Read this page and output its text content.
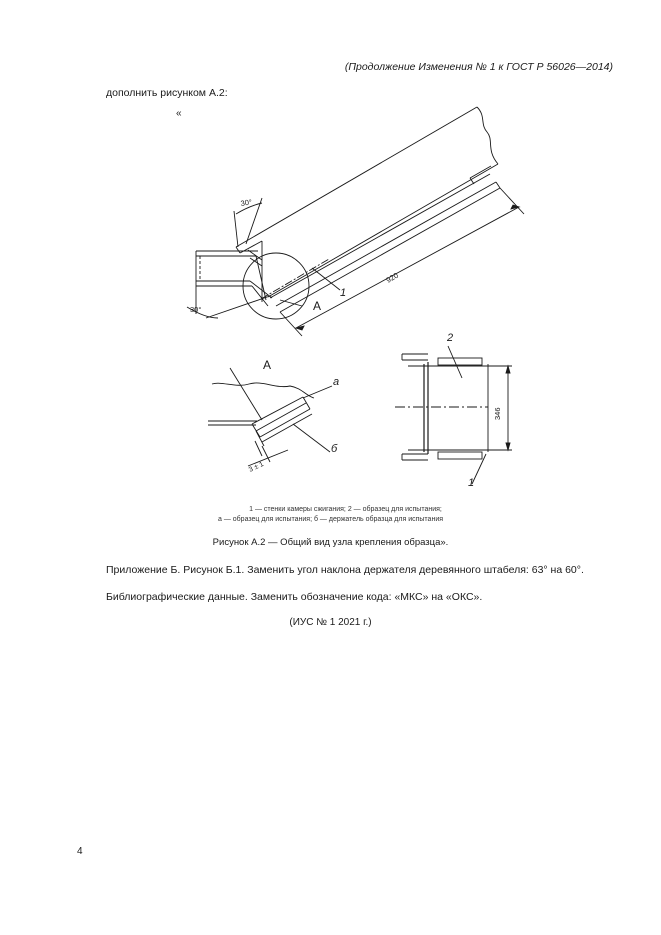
(Продолжение Изменения № 1 к ГОСТ Р 56026—2014)
дополнить рисунком А.2:
«
30°
30°
920
1
A
A
а
б
3 ± 1
2
1
346
1 — стенки камеры сжигания; 2 — образец для испытания;
а — образец для испытания; б — держатель образца для испытания
Рисунок А.2 — Общий вид узла крепления образца».
Приложение Б. Рисунок Б.1. Заменить угол наклона держателя деревянного штабеля: 63° на 60°.
Библиографические данные. Заменить обозначение кода: «МКС» на «ОКС».
(ИУС № 1 2021 г.)
4
